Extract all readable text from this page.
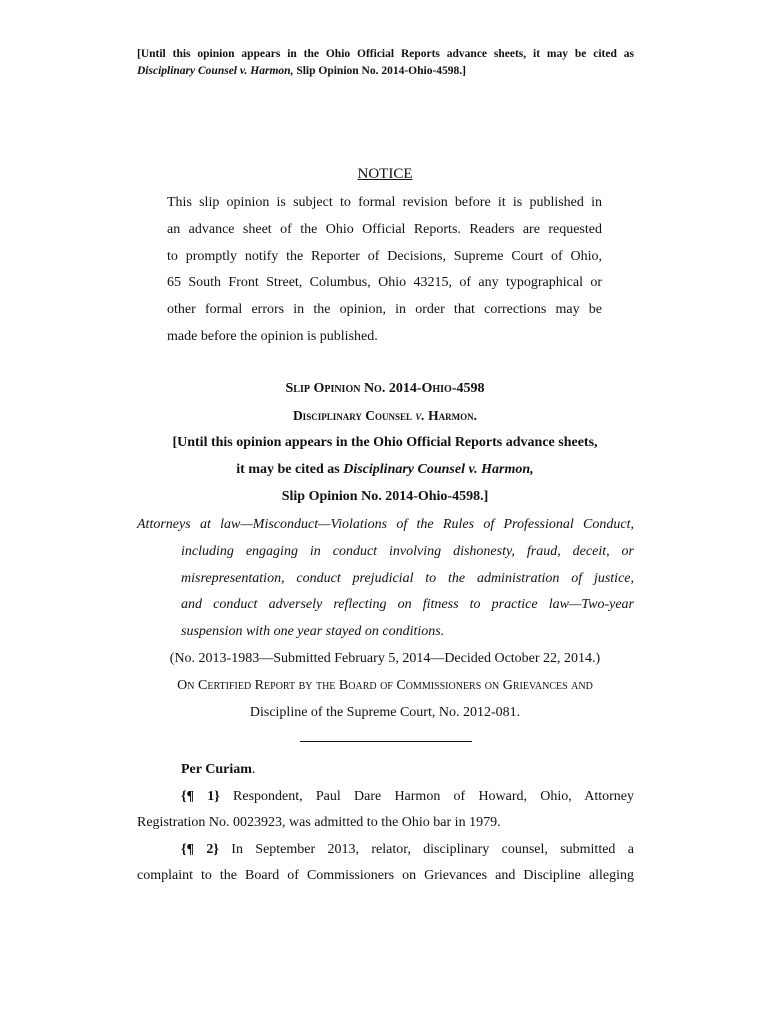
[Until this opinion appears in the Ohio Official Reports advance sheets, it may be cited as
Disciplinary Counsel v. Harmon, Slip Opinion No. 2014-Ohio-4598.]
NOTICE
This slip opinion is subject to formal revision before it is published in
an advance sheet of the Ohio Official Reports. Readers are requested
to promptly notify the Reporter of Decisions, Supreme Court of Ohio,
65 South Front Street, Columbus, Ohio 43215, of any typographical or
other formal errors in the opinion, in order that corrections may be
made before the opinion is published.
Slip Opinion No. 2014-Ohio-4598
Disciplinary Counsel v. Harmon.
[Until this opinion appears in the Ohio Official Reports advance sheets,
it may be cited as Disciplinary Counsel v. Harmon,
Slip Opinion No. 2014-Ohio-4598.]
Attorneys at law—Misconduct—Violations of the Rules of Professional Conduct,
including engaging in conduct involving dishonesty, fraud, deceit, or
misrepresentation, conduct prejudicial to the administration of justice,
and conduct adversely reflecting on fitness to practice law—Two-year
suspension with one year stayed on conditions.
(No. 2013-1983—Submitted February 5, 2014—Decided October 22, 2014.)
On Certified Report by the Board of Commissioners on Grievances and
Discipline of the Supreme Court, No. 2012-081.
Per Curiam.
{¶ 1} Respondent, Paul Dare Harmon of Howard, Ohio, Attorney
Registration No. 0023923, was admitted to the Ohio bar in 1979.
{¶ 2} In September 2013, relator, disciplinary counsel, submitted a
complaint to the Board of Commissioners on Grievances and Discipline alleging
